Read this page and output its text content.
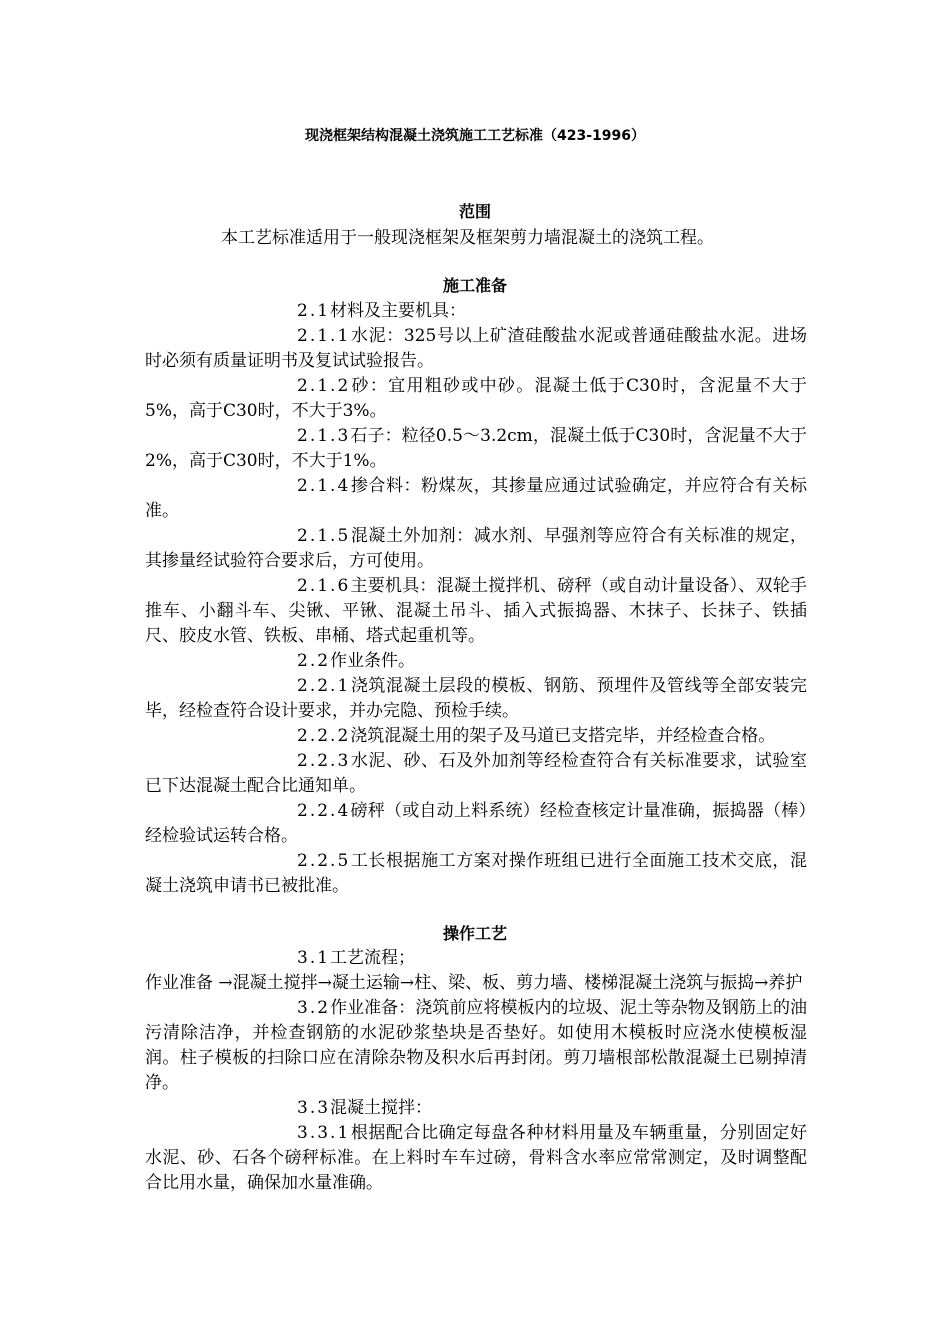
现浇框架结构混凝土浇筑施工工艺标准（423-1996）
范围

本工艺标准适用于一般现浇框架及框架剪力墙混凝土的浇筑工程。

施工准备

2.1材料及主要机具：

2.1.1水泥：325号以上矿渣硅酸盐水泥或普通硅酸盐水泥。进场时必须有质量证明书及复试试验报告。

2.1.2砂：宜用粗砂或中砂。混凝土低于C30时，含泥量不大于5%，高于C30时，不大于3%。

2.1.3石子：粒径0.5～3.2cm，混凝土低于C30时，含泥量不大于2%，高于C30时，不大于1%。

2.1.4掺合料：粉煤灰，其掺量应通过试验确定，并应符合有关标准。

2.1.5混凝土外加剂：减水剂、早强剂等应符合有关标准的规定，其掺量经试验符合要求后，方可使用。

2.1.6主要机具：混凝土搅拌机、磅秤（或自动计量设备）、双轮手推车、小翻斗车、尖锹、平锹、混凝土吊斗、插入式振捣器、木抹子、长抹子、铁插尺、胶皮水管、铁板、串桶、塔式起重机等。

2.2作业条件。

2.2.1浇筑混凝土层段的模板、钢筋、预埋件及管线等全部安装完毕，经检查符合设计要求，并办完隐、预检手续。

2.2.2浇筑混凝土用的架子及马道已支搭完毕，并经检查合格。

2.2.3水泥、砂、石及外加剂等经检查符合有关标准要求，试验室已下达混凝土配合比通知单。

2.2.4磅秤（或自动上料系统）经检查核定计量准确，振捣器（棒）经检验试运转合格。

2.2.5工长根据施工方案对操作班组已进行全面施工技术交底，混凝土浇筑申请书已被批准。

操作工艺

3.1工艺流程；

作业准备 →混凝土搅拌→凝土运输→柱、梁、板、剪力墙、楼梯混凝土浇筑与振捣→养护

3.2作业准备：浇筑前应将模板内的垃圾、泥土等杂物及钢筋上的油污清除洁净，并检查钢筋的水泥砂浆垫块是否垫好。如使用木模板时应浇水使模板湿润。柱子模板的扫除口应在清除杂物及积水后再封闭。剪刀墙根部松散混凝土已剔掉清净。

3.3混凝土搅拌：

3.3.1根据配合比确定每盘各种材料用量及车辆重量，分别固定好水泥、砂、石各个磅秤标准。在上料时车车过磅，骨料含水率应常常测定，及时调整配合比用水量，确保加水量准确。
